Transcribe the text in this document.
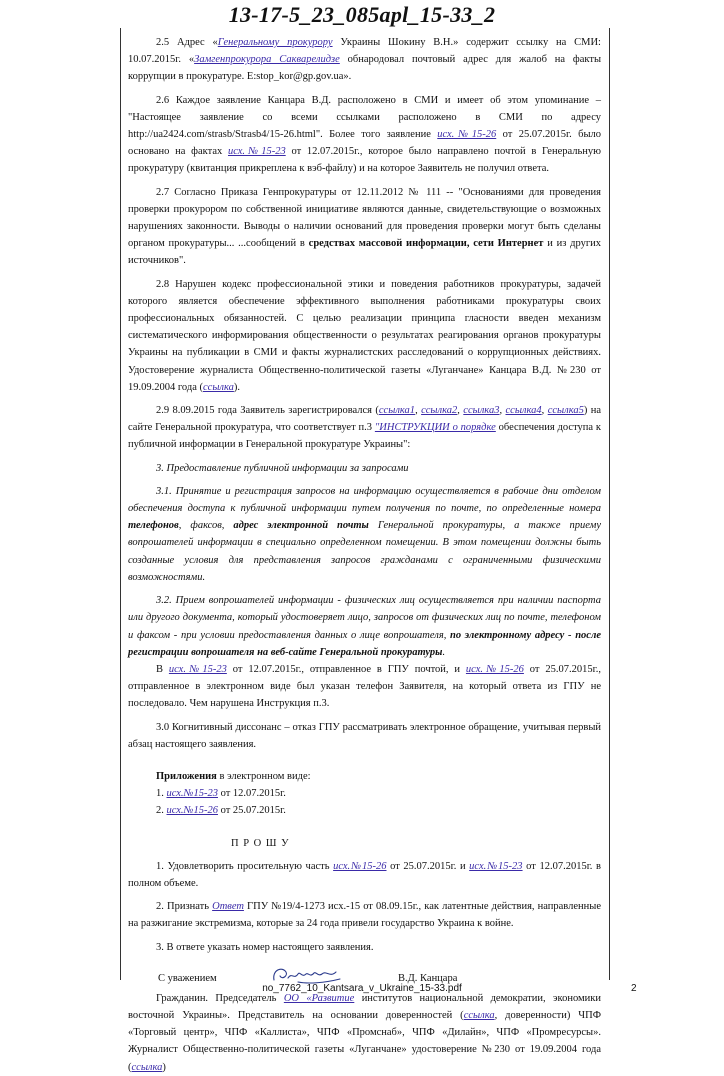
13-17-5_23_085apl_15-33_2

2.5 Адрес «Генеральному прокурору Украины Шокину В.Н.» содержит ссылку на СМИ: 10.07.2015г. «Замгенпрокурора Сакварелидзе обнародовал почтовый адрес для жалоб на факты коррупции в прокуратуре. E:stop_kor@gp.gov.ua».

2.6 Каждое заявление Канцара В.Д. расположено в СМИ и имеет об этом упоминание – "Настоящее заявление со всеми ссылками расположено в СМИ по адресу http://ua2424.com/strasb/Strasb4/15-26.html". Более того заявление исх.№15-26 от 25.07.2015г. было основано на фактах исх.№15-23 от 12.07.2015г., которое было направлено почтой в Генеральную прокуратуру (квитанция прикреплена к вэб-файлу) и на которое Заявитель не получил ответа.

2.7 Согласно Приказа Генпрокуратуры от 12.11.2012 № 111 -- "Основаниями для проведения проверки прокурором по собственной инициативе являются данные, свидетельствующие о возможных нарушениях законности. Выводы о наличии оснований для проведения проверки могут быть сделаны органом прокуратуры... ...сообщений в средствах массовой информации, сети Интернет и из других источников".

2.8 Нарушен кодекс профессиональной этики и поведения работников прокуратуры, задачей которого является обеспечение эффективного выполнения работниками прокуратуры своих профессиональных обязанностей. С целью реализации принципа гласности введен механизм систематического информирования общественности о результатах реагирования органов прокуратуры Украины на публикации в СМИ и факты журналистских расследований о коррупционных действиях. Удостоверение журналиста Общественно-политической газеты «Луганчане» Канцара В.Д. №230 от 19.09.2004 года (ссылка).

2.9 8.09.2015 года Заявитель зарегистрировался (ссылка1, ссылка2, ссылка3, ссылка4, ссылка5) на сайте Генеральной прокуратура, что соответствует п.3 "ИНСТРУКЦИИ о порядке обеспечения доступа к публичной информации в Генеральной прокуратуре Украины":

3. Предоставление публичной информации за запросами

3.1. Принятие и регистрация запросов на информацию осуществляется в рабочие дни отделом обеспечения доступа к публичной информации путем получения по почте, по определенные номера телефонов, факсов, адрес электронной почты Генеральной прокуратуры, а также приему вопрошателей информации в специально определенном помещении. В этом помещении должны быть созданные условия для представления запросов гражданами с ограниченными физическими возможностями.

3.2. Прием вопрошателей информации - физических лиц осуществляется при наличии паспорта или другого документа, который удостоверяет лицо, запросов от физических лиц по почте, телефоном и факсом - при условии предоставления данных о лице вопрошателя, по электронному адресу - после регистрации вопрошателя на веб-сайте Генеральной прокуратуры.

В исх.№15-23 от 12.07.2015г., отправленное в ГПУ почтой, и исх.№15-26 от 25.07.2015г., отправленное в электронном виде был указан телефон Заявителя, на который ответа из ГПУ не последовало. Чем нарушена Инструкция п.3.

3.0 Когнитивный диссонанс – отказ ГПУ рассматривать электронное обращение, учитывая первый абзац настоящего заявления.

Приложения в электронном виде:

1. исх.№15-23 от 12.07.2015г.

2. исх.№15-26 от 25.07.2015г.

П Р О Ш У

1. Удовлетворить просительную часть исх.№15-26 от 25.07.2015г. и исх.№15-23 от 12.07.2015г. в полном объеме.

2. Признать Ответ ГПУ №19/4-1273 исх.-15 от 08.09.15г., как латентные действия, направленные на разжигание экстремизма, которые за 24 года привели государство Украина к войне.

3. В ответе указать номер настоящего заявления.

С уважением	В.Д. Канцара

Гражданин. Председатель ОО «Развитие институтов национальной демократии, экономики восточной Украины». Представитель на основании доверенностей (ссылка, доверенности) ЧПФ «Торговый центр», ЧПФ «Каллиста», ЧПФ «Промснаб», ЧПФ «Дилайн», ЧПФ «Промресурсы». Журналист Общественно-политической газеты «Луганчане» удостоверение №230 от 19.09.2004 года (ссылка)

no_7762_10_Kantsara_v_Ukraine_15-33.pdf	2
